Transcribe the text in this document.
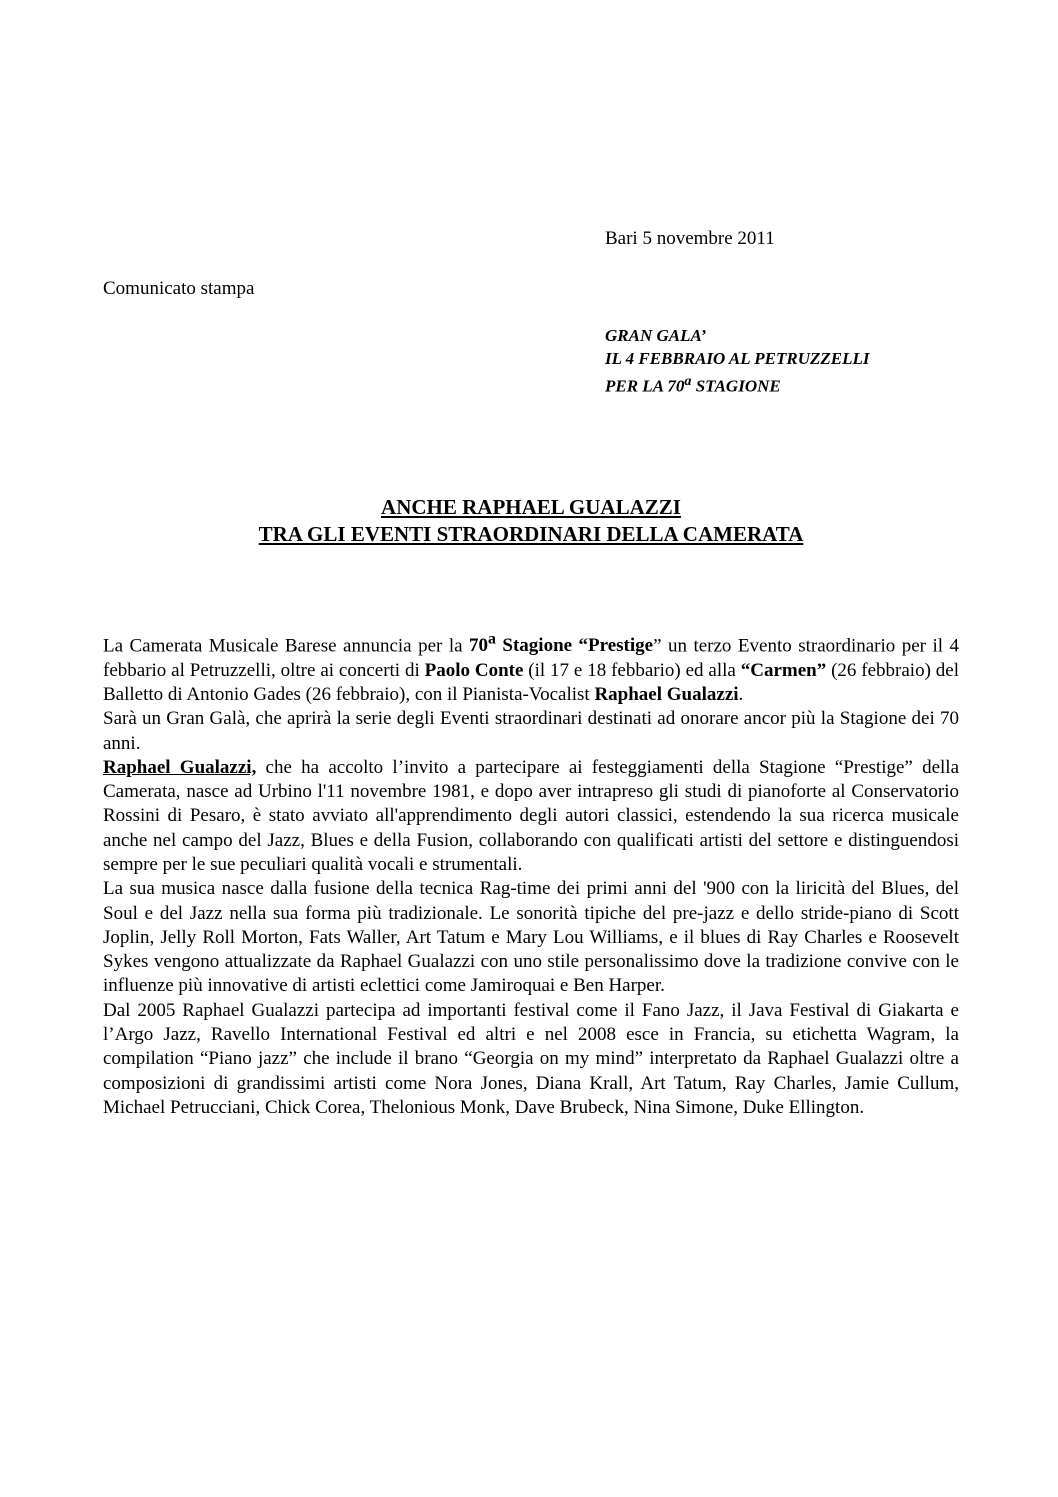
Bari 5 novembre 2011
Comunicato stampa
GRAN GALA’
IL 4 FEBBRAIO AL PETRUZZELLI
PER LA 70$^a$ STAGIONE
ANCHE RAPHAEL GUALAZZI
TRA GLI EVENTI STRAORDINARI DELLA CAMERATA

La Camerata Musicale Barese annuncia per la 70$^a$ Stagione “Prestige” un terzo Evento straordinario per il 4 febbario al Petruzzelli, oltre ai concerti di Paolo Conte (il 17 e 18 febbario) ed alla “Carmen” (26 febbraio) del Balletto di Antonio Gades (26 febbraio), con il Pianista-Vocalist Raphael Gualazzi.

Sarà un Gran Galà, che aprirà la serie degli Eventi straordinari destinati ad onorare ancor più la Stagione dei 70 anni.

Raphael Gualazzi, che ha accolto l’invito a partecipare ai festeggiamenti della Stagione “Prestige” della Camerata, nasce ad Urbino l'11 novembre 1981, e dopo aver intrapreso gli studi di pianoforte al Conservatorio Rossini di Pesaro, è stato avviato all'apprendimento degli autori classici, estendendo la sua ricerca musicale anche nel campo del Jazz, Blues e della Fusion, collaborando con qualificati artisti del settore e distinguendosi sempre per le sue peculiari qualità vocali e strumentali.

La sua musica nasce dalla fusione della tecnica Rag-time dei primi anni del '900 con la liricità del Blues, del Soul e del Jazz nella sua forma più tradizionale. Le sonorità tipiche del pre-jazz e dello stride-piano di Scott Joplin, Jelly Roll Morton, Fats Waller, Art Tatum e Mary Lou Williams, e il blues di Ray Charles e Roosevelt Sykes vengono attualizzate da Raphael Gualazzi con uno stile personalissimo dove la tradizione convive con le influenze più innovative di artisti eclettici come Jamiroquai e Ben Harper.

Dal 2005 Raphael Gualazzi partecipa ad importanti festival come il Fano Jazz, il Java Festival di Giakarta e l’Argo Jazz, Ravello International Festival ed altri e nel 2008 esce in Francia, su etichetta Wagram, la compilation “Piano jazz” che include il brano “Georgia on my mind” interpretato da Raphael Gualazzi oltre a composizioni di grandissimi artisti come Nora Jones, Diana Krall, Art Tatum, Ray Charles, Jamie Cullum, Michael Petrucciani, Chick Corea, Thelonious Monk, Dave Brubeck, Nina Simone, Duke Ellington.
